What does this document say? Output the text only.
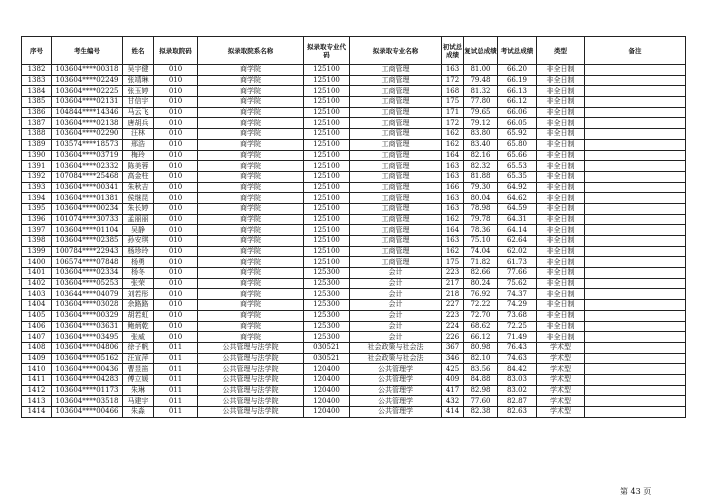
序号	考生编号	姓名	拟录取院码	拟录取院系名称	拟录取专业代码	拟录取专业名称	初试总成绩	复试总成绩	考试总成绩	类型	备注
1382	103604****00318	吴宇健	010	商学院	125100	工商管理	163	81.00	66.20	非全日制	
1383	103604****02249	张靖琳	010	商学院	125100	工商管理	172	79.48	66.19	非全日制	
1384	103604****02225	张玉婷	010	商学院	125100	工商管理	168	81.32	66.13	非全日制	
1385	103604****02131	甘信宇	010	商学院	125100	工商管理	175	77.80	66.12	非全日制	
1386	104844****14346	马云飞	010	商学院	125100	工商管理	171	79.65	66.06	非全日制	
1387	103604****02138	唐胡兵	010	商学院	125100	工商管理	172	79.12	66.05	非全日制	
1388	103604****02290	汪林	010	商学院	125100	工商管理	162	83.80	65.92	非全日制	
1389	103574****18573	邢浩	010	商学院	125100	工商管理	162	83.40	65.80	非全日制	
1390	103604****03719	梅玲	010	商学院	125100	工商管理	164	82.16	65.66	非全日制	
1391	103604****02332	陈美蓉	010	商学院	125100	工商管理	163	82.32	65.53	非全日制	
1392	107084****25468	高金柱	010	商学院	125100	工商管理	163	81.88	65.35	非全日制	
1393	103604****00341	朱秋吉	010	商学院	125100	工商管理	166	79.30	64.92	非全日制	
1394	103604****01381	侯继昆	010	商学院	125100	工商管理	163	80.04	64.62	非全日制	
1395	103604****00234	朱长婷	010	商学院	125100	工商管理	163	78.98	64.59	非全日制	
1396	101074****30733	孟丽丽	010	商学院	125100	工商管理	162	79.78	64.31	非全日制	
1397	103604****01104	吴静	010	商学院	125100	工商管理	164	78.36	64.14	非全日制	
1398	103604****02385	孙安琪	010	商学院	125100	工商管理	163	75.10	62.64	非全日制	
1399	100784****22943	杨珍玲	010	商学院	125100	工商管理	162	74.04	62.02	非全日制	
1400	106574****07848	杨勇	010	商学院	125100	工商管理	175	71.82	61.73	非全日制	
1401	103604****02334	杨冬	010	商学院	125300	会计	223	82.66	77.66	非全日制	
1402	103604****05253	张荣	010	商学院	125300	会计	217	80.24	75.62	非全日制	
1403	103644****04079	刘若彤	010	商学院	125300	会计	218	76.92	74.37	非全日制	
1404	103604****03028	余路路	010	商学院	125300	会计	227	72.22	74.29	非全日制	
1405	103604****00329	胡若虹	010	商学院	125300	会计	223	72.70	73.68	非全日制	
1406	103604****03631	鲍炳乾	010	商学院	125300	会计	224	68.62	72.25	非全日制	
1407	103604****03495	张威	010	商学院	125300	会计	226	66.12	71.49	非全日制	
1408	103604****04806	徐子帆	011	公共管理与法学院	030521	社会政策与社会法	367	80.98	76.43	学术型	
1409	103604****05162	汪宣萍	011	公共管理与法学院	030521	社会政策与社会法	346	82.10	74.63	学术型	
1410	103604****00436	曹昱笛	011	公共管理与法学院	120400	公共管理学	425	83.56	84.42	学术型	
1411	103604****04283	傅立媛	011	公共管理与法学院	120400	公共管理学	409	84.88	83.03	学术型	
1412	103604****01173	朱琳	011	公共管理与法学院	120400	公共管理学	417	82.98	83.02	学术型	
1413	103604****03518	马建宇	011	公共管理与法学院	120400	公共管理学	432	77.60	82.87	学术型	
1414	103604****00466	朱淼	011	公共管理与法学院	120400	公共管理学	414	82.38	82.63	学术型	
第 43 页
